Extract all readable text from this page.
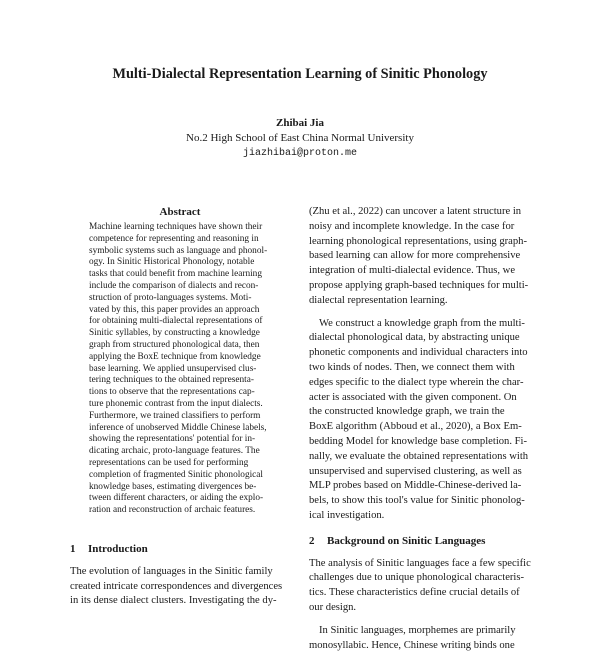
Multi-Dialectal Representation Learning of Sinitic Phonology
Zhibai Jia
No.2 High School of East China Normal University
jiazhibai@proton.me
Abstract
Machine learning techniques have shown their
competence for representing and reasoning in
symbolic systems such as language and phonol-
ogy. In Sinitic Historical Phonology, notable
tasks that could benefit from machine learning
include the comparison of dialects and recon-
struction of proto-languages systems. Moti-
vated by this, this paper provides an approach
for obtaining multi-dialectal representations of
Sinitic syllables, by constructing a knowledge
graph from structured phonological data, then
applying the BoxE technique from knowledge
base learning. We applied unsupervised clus-
tering techniques to the obtained representa-
tions to observe that the representations cap-
ture phonemic contrast from the input dialects.
Furthermore, we trained classifiers to perform
inference of unobserved Middle Chinese labels,
showing the representations' potential for in-
dicating archaic, proto-language features. The
representations can be used for performing
completion of fragmented Sinitic phonological
knowledge bases, estimating divergences be-
tween different characters, or aiding the explo-
ration and reconstruction of archaic features.
1 Introduction
The evolution of languages in the Sinitic family
created intricate correspondences and divergences
in its dense dialect clusters. Investigating the dy-
(Zhu et al., 2022) can uncover a latent structure in
noisy and incomplete knowledge. In the case for
learning phonological representations, using graph-
based learning can allow for more comprehensive
integration of multi-dialectal evidence. Thus, we
propose applying graph-based techniques for multi-
dialectal representation learning.
We construct a knowledge graph from the multi-
dialectal phonological data, by abstracting unique
phonetic components and individual characters into
two kinds of nodes. Then, we connect them with
edges specific to the dialect type wherein the char-
acter is associated with the given component. On
the constructed knowledge graph, we train the
BoxE algorithm (Abboud et al., 2020), a Box Em-
bedding Model for knowledge base completion. Fi-
nally, we evaluate the obtained representations with
unsupervised and supervised clustering, as well as
MLP probes based on Middle-Chinese-derived la-
bels, to show this tool's value for Sinitic phonolog-
ical investigation.
2 Background on Sinitic Languages
The analysis of Sinitic languages face a few specific
challenges due to unique phonological characteris-
tics. These characteristics define crucial details of
our design.
In Sinitic languages, morphemes are primarily
monosyllabic. Hence, Chinese writing binds one
